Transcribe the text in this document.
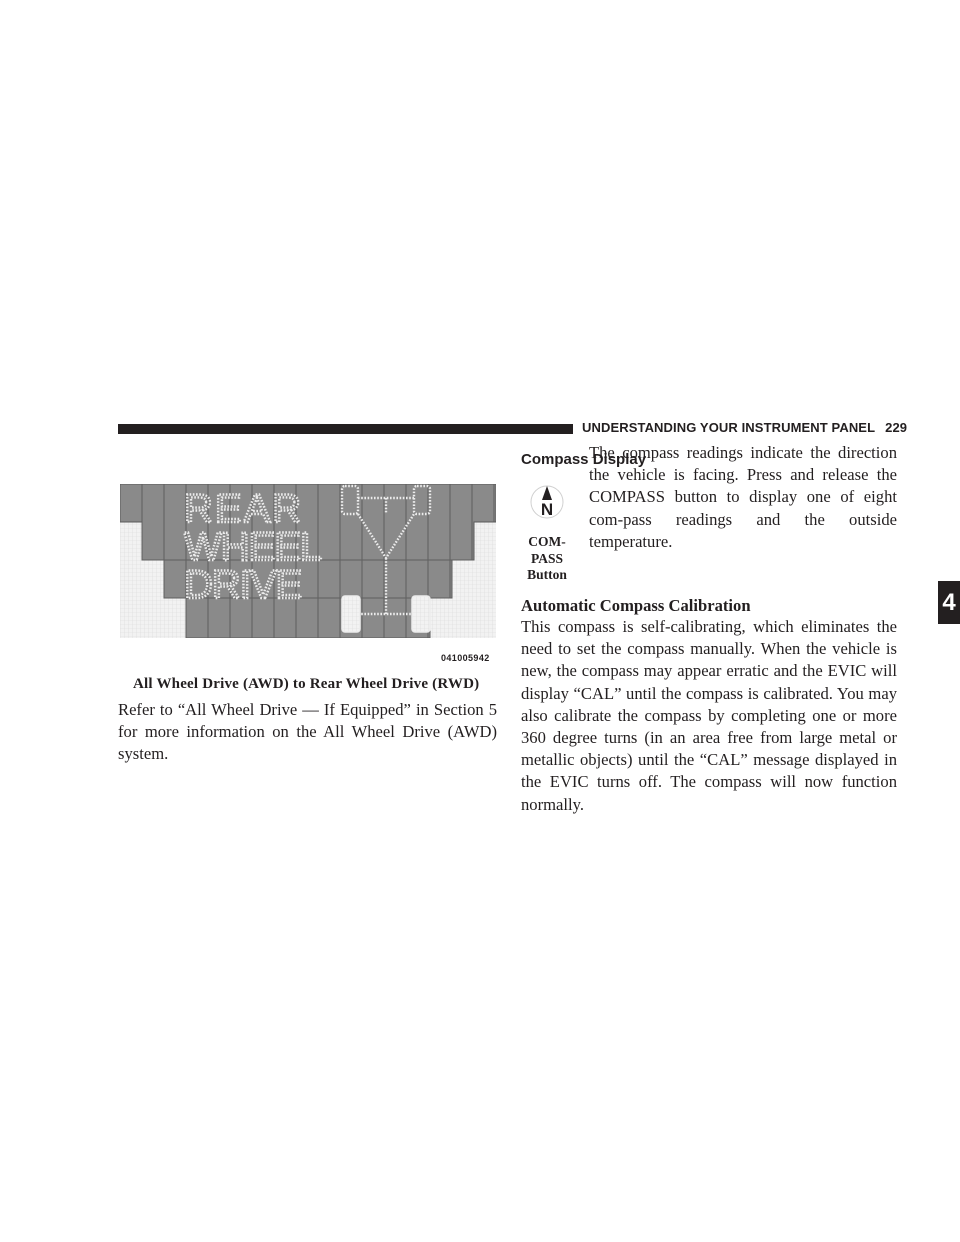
UNDERSTANDING YOUR INSTRUMENT PANEL 229
4
REAR
WHEEL
DRIVE
041005942
All Wheel Drive (AWD) to Rear Wheel Drive (RWD)
Refer to “All Wheel Drive — If Equipped” in Section 5 for more information on the All Wheel Drive (AWD) system.
Compass Display
N
COM-
PASS
Button
The compass readings indicate the direction the vehicle is facing. Press and release the COMPASS button to display one of eight com-pass readings and the outside temperature.
Automatic Compass Calibration
This compass is self-calibrating, which eliminates the need to set the compass manually. When the vehicle is new, the compass may appear erratic and the EVIC will display “CAL” until the compass is calibrated. You may also calibrate the compass by completing one or more 360 degree turns (in an area free from large metal or metallic objects) until the “CAL” message displayed in the EVIC turns off. The compass will now function normally.
